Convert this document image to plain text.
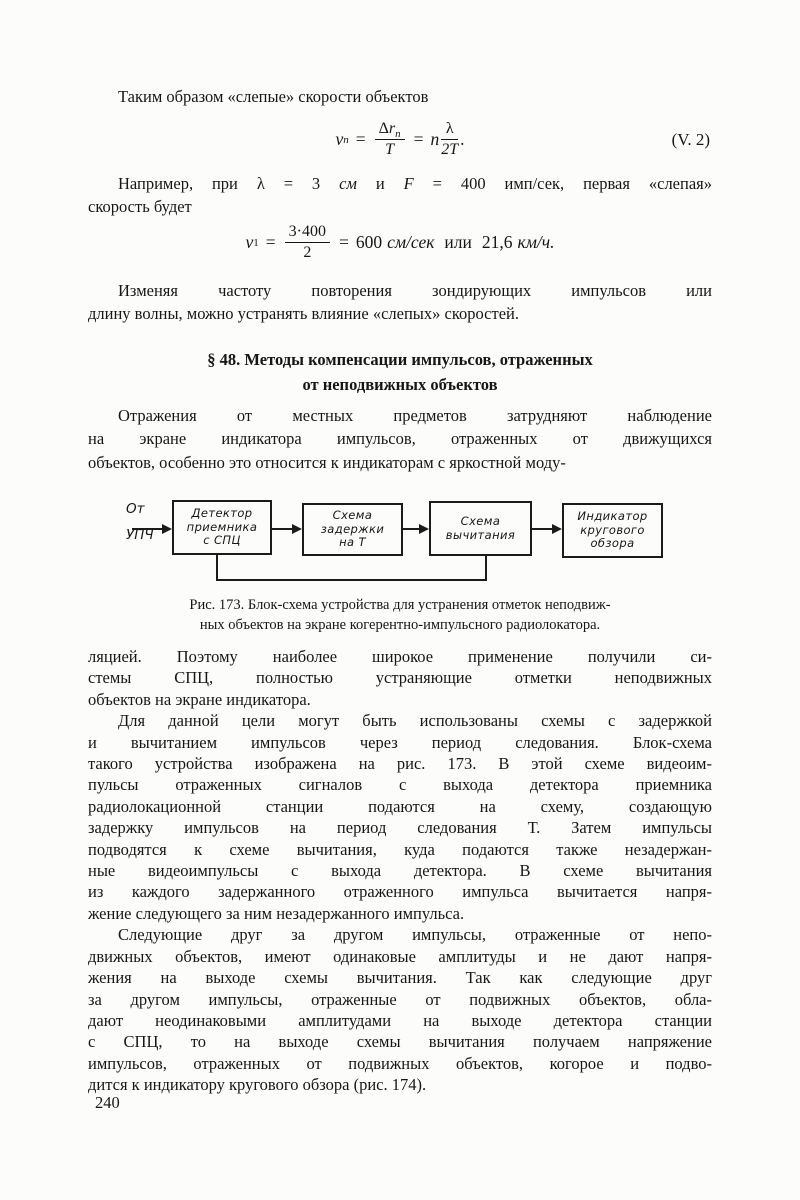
Таким образом «слепые» скорости объектов
v $n = \frac{\Delta r_n}{T} = n \frac{\lambda}{2T}$ .	(V. 2)
Например, при λ = 3 см и F = 400 имп/сек, первая «слепая»
скорость будет
v $1 = \frac{3\cdot 400}{2} = 600$ см/сек или 21,6 км/ч.
Изменяя частоту повторения зондирующих импульсов или
длину волны, можно устранять влияние «слепых» скоростей.
§ 48. Методы компенсации импульсов, отраженных
от неподвижных объектов
Отражения от местных предметов затрудняют наблюдение
на экране индикатора импульсов, отраженных от движущихся
объектов, особенно это относится к индикаторам с яркостной моду-
От
УПЧ
Детектор
приемника
с СПЦ
Схема
задержки
на Т
Схема
вычитания
Индикатор
кругового
обзора
Рис. 173. Блок-схема устройства для устранения отметок неподвиж-
ных объектов на экране когерентно-импульсного радиолокатора.
ляцией. Поэтому наиболее широкое применение получили си-
стемы СПЦ, полностью устраняющие отметки неподвижных
объектов на экране индикатора.
Для данной цели могут быть использованы схемы с задержкой
и вычитанием импульсов через период следования. Блок-схема
такого устройства изображена на рис. 173. В этой схеме видеоим-
пульсы отраженных сигналов с выхода детектора приемника
радиолокационной станции подаются на схему, создающую
задержку импульсов на период следования Т. Затем импульсы
подводятся к схеме вычитания, куда подаются также незадержан-
ные видеоимпульсы с выхода детектора. В схеме вычитания
из каждого задержанного отраженного импульса вычитается напря-
жение следующего за ним незадержанного импульса.
Следующие друг за другом импульсы, отраженные от непо-
движных объектов, имеют одинаковые амплитуды и не дают напря-
жения на выходе схемы вычитания. Так как следующие друг
за другом импульсы, отраженные от подвижных объектов, обла-
дают неодинаковыми амплитудами на выходе детектора станции
с СПЦ, то на выходе схемы вычитания получаем напряжение
импульсов, отраженных от подвижных объектов, когорое и подво-
дится к индикатору кругового обзора (рис. 174).
240
